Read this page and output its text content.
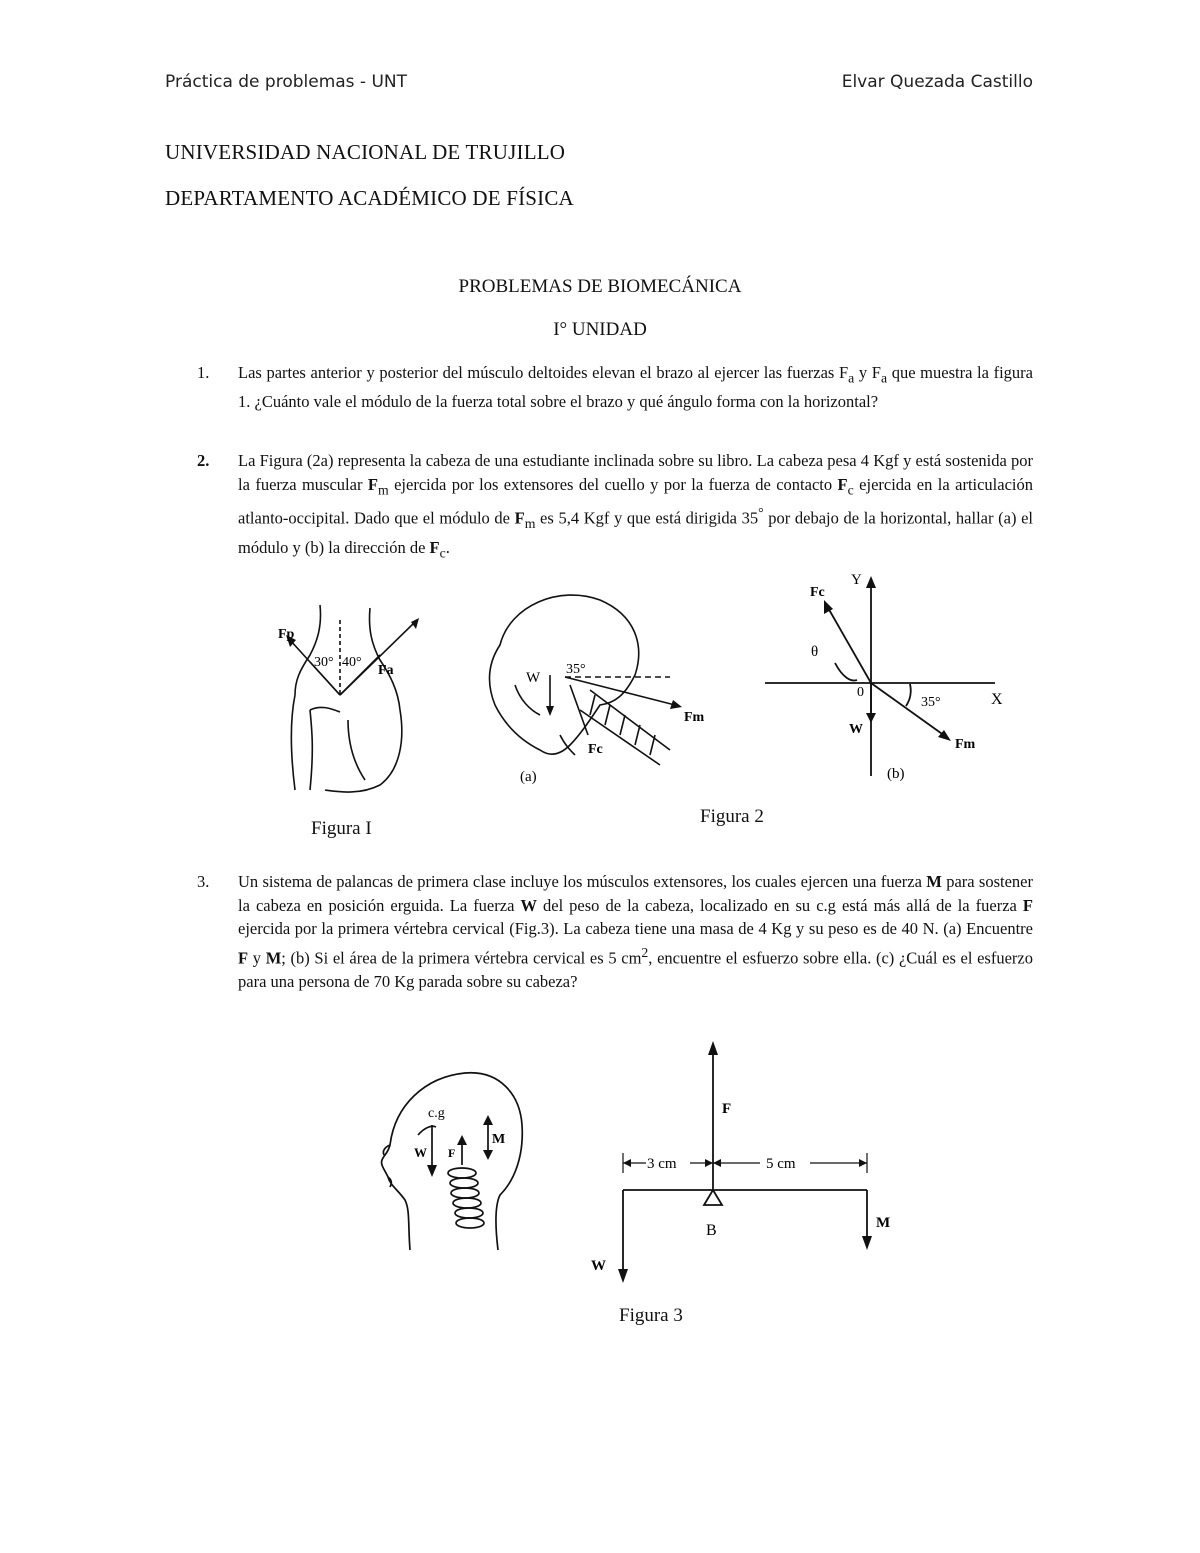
Práctica de problemas - UNT	Elvar Quezada Castillo
UNIVERSIDAD NACIONAL DE TRUJILLO
DEPARTAMENTO ACADÉMICO DE FÍSICA
PROBLEMAS DE BIOMECÁNICA
I° UNIDAD
1. Las partes anterior y posterior del músculo deltoides elevan el brazo al ejercer las fuerzas $F_a$ y $F_a$ que muestra la figura 1. ¿Cuánto vale el módulo de la fuerza total sobre el brazo y qué ángulo forma con la horizontal?
2. La Figura (2a) representa la cabeza de una estudiante inclinada sobre su libro. La cabeza pesa 4 Kgf y está sostenida por la fuerza muscular $F_m$ ejercida por los extensores del cuello y por la fuerza de contacto $F_c$ ejercida en la articulación atlanto-occipital. Dado que el módulo de $F_m$ es 5,4 Kgf y que está dirigida 35° por debajo de la horizontal, hallar (a) el módulo y (b) la dirección de $F_c$.
Fp
Fa
30° 40°
Figura I
W
35°
Fm
Fc
(a)
Y
X
0
Fc
θ
W
35°
Fm
(b)
Figura 2
3. Un sistema de palancas de primera clase incluye los músculos extensores, los cuales ejercen una fuerza M para sostener la cabeza en posición erguida. La fuerza W del peso de la cabeza, localizado en su c.g está más allá de la fuerza F ejercida por la primera vértebra cervical (Fig.3). La cabeza tiene una masa de 4 Kg y su peso es de 40 N. (a) Encuentre F y M; (b) Si el área de la primera vértebra cervical es 5 $cm^2$, encuentre el esfuerzo sobre ella. (c) ¿Cuál es el esfuerzo para una persona de 70 Kg parada sobre su cabeza?
c.g
W F
M
F
3 cm	5 cm
B	M
W
Figura 3
